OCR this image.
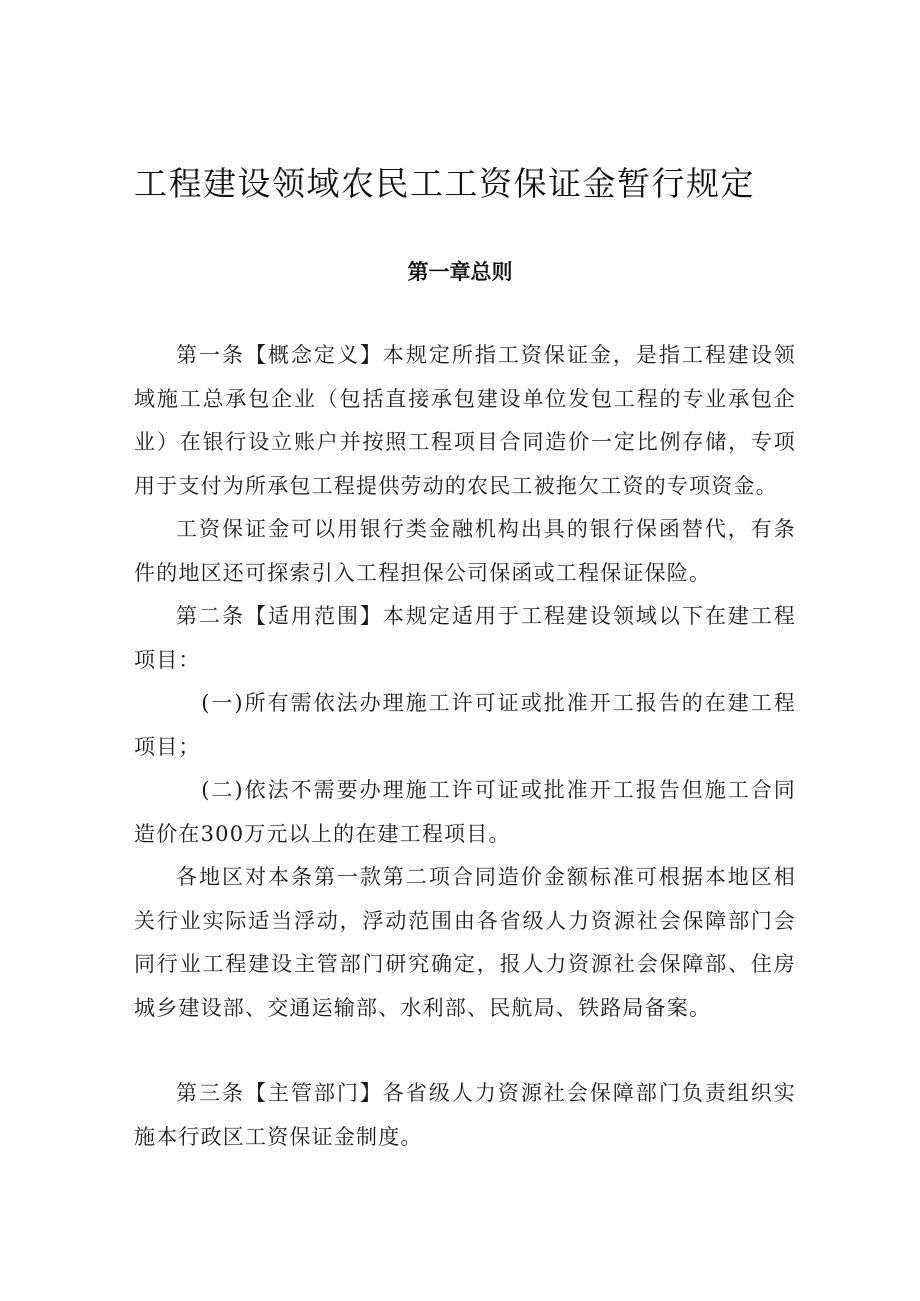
工程建设领域农民工工资保证金暂行规定
第一章总则

第一条【概念定义】本规定所指工资保证金，是指工程建设领域施工总承包企业（包括直接承包建设单位发包工程的专业承包企业）在银行设立账户并按照工程项目合同造价一定比例存储，专项用于支付为所承包工程提供劳动的农民工被拖欠工资的专项资金。

工资保证金可以用银行类金融机构出具的银行保函替代，有条件的地区还可探索引入工程担保公司保函或工程保证保险。

第二条【适用范围】本规定适用于工程建设领域以下在建工程项目：

(一)所有需依法办理施工许可证或批准开工报告的在建工程项目；

(二)依法不需要办理施工许可证或批准开工报告但施工合同造价在300万元以上的在建工程项目。

各地区对本条第一款第二项合同造价金额标准可根据本地区相关行业实际适当浮动，浮动范围由各省级人力资源社会保障部门会同行业工程建设主管部门研究确定，报人力资源社会保障部、住房城乡建设部、交通运输部、水利部、民航局、铁路局备案。

第三条【主管部门】各省级人力资源社会保障部门负责组织实施本行政区工资保证金制度。
